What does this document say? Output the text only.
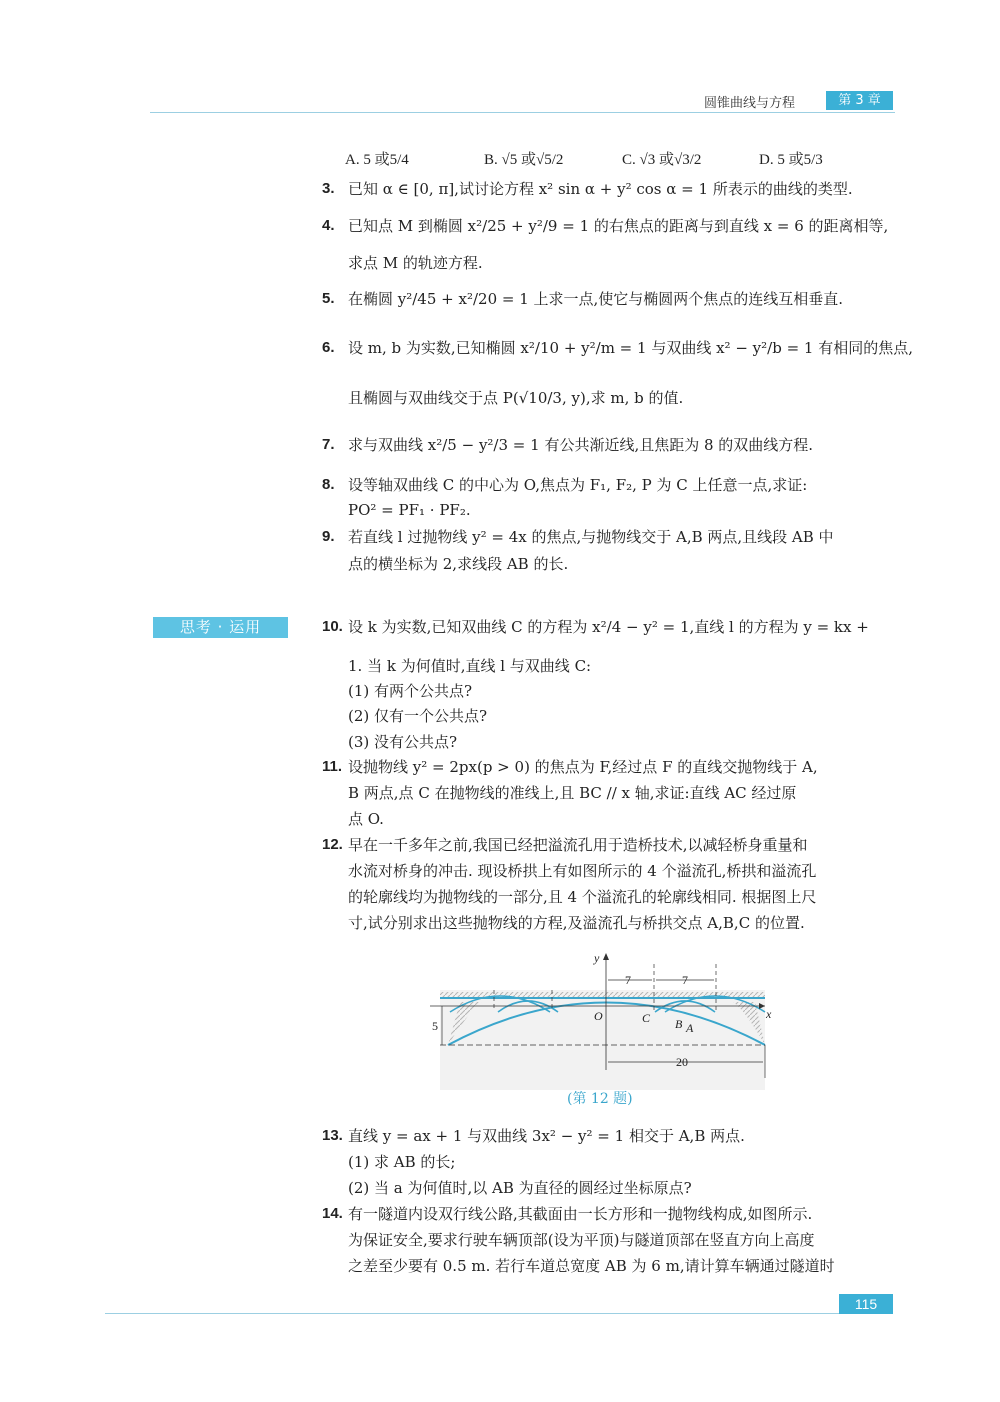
圆锥曲线与方程	第 3 章
A. 5 或5/4	B. √5 或√5/2	C. √3 或√3/2	D. 5 或5/3
3. 已知 α ∈ [0, π],试讨论方程 x² sin α + y² cos α = 1 所表示的曲线的类型.
4. 已知点 M 到椭圆 x²/25 + y²/9 = 1 的右焦点的距离与到直线 x = 6 的距离相等,
求点 M 的轨迹方程.
5. 在椭圆 y²/45 + x²/20 = 1 上求一点,使它与椭圆两个焦点的连线互相垂直.
6. 设 m, b 为实数,已知椭圆 x²/10 + y²/m = 1 与双曲线 x² − y²/b = 1 有相同的焦点,
且椭圆与双曲线交于点 P(√10/3, y),求 m, b 的值.
7. 求与双曲线 x²/5 − y²/3 = 1 有公共渐近线,且焦距为 8 的双曲线方程.
8. 设等轴双曲线 C 的中心为 O,焦点为 F₁, F₂, P 为 C 上任意一点,求证:
PO² = PF₁ · PF₂.
9. 若直线 l 过抛物线 y² = 4x 的焦点,与抛物线交于 A,B 两点,且线段 AB 中
点的横坐标为 2,求线段 AB 的长.
思考 · 运用	10. 设 k 为实数,已知双曲线 C 的方程为 x²/4 − y² = 1,直线 l 的方程为 y = kx +
1. 当 k 为何值时,直线 l 与双曲线 C:
(1) 有两个公共点?
(2) 仅有一个公共点?
(3) 没有公共点?
11. 设抛物线 y² = 2px(p > 0) 的焦点为 F,经过点 F 的直线交抛物线于 A,
B 两点,点 C 在抛物线的准线上,且 BC // x 轴,求证:直线 AC 经过原
点 O.
12. 早在一千多年之前,我国已经把溢流孔用于造桥技术,以减轻桥身重量和
水流对桥身的冲击. 现设桥拱上有如图所示的 4 个溢流孔,桥拱和溢流孔
的轮廓线均为抛物线的一部分,且 4 个溢流孔的轮廓线相同. 根据图上尺
寸,试分别求出这些抛物线的方程,及溢流孔与桥拱交点 A,B,C 的位置.
7	7
5
20
y
x
O	C B A
(第 12 题)
13. 直线 y = ax + 1 与双曲线 3x² − y² = 1 相交于 A,B 两点.
(1) 求 AB 的长;
(2) 当 a 为何值时,以 AB 为直径的圆经过坐标原点?
14. 有一隧道内设双行线公路,其截面由一长方形和一抛物线构成,如图所示.
为保证安全,要求行驶车辆顶部(设为平顶)与隧道顶部在竖直方向上高度
之差至少要有 0.5 m. 若行车道总宽度 AB 为 6 m,请计算车辆通过隧道时
115
